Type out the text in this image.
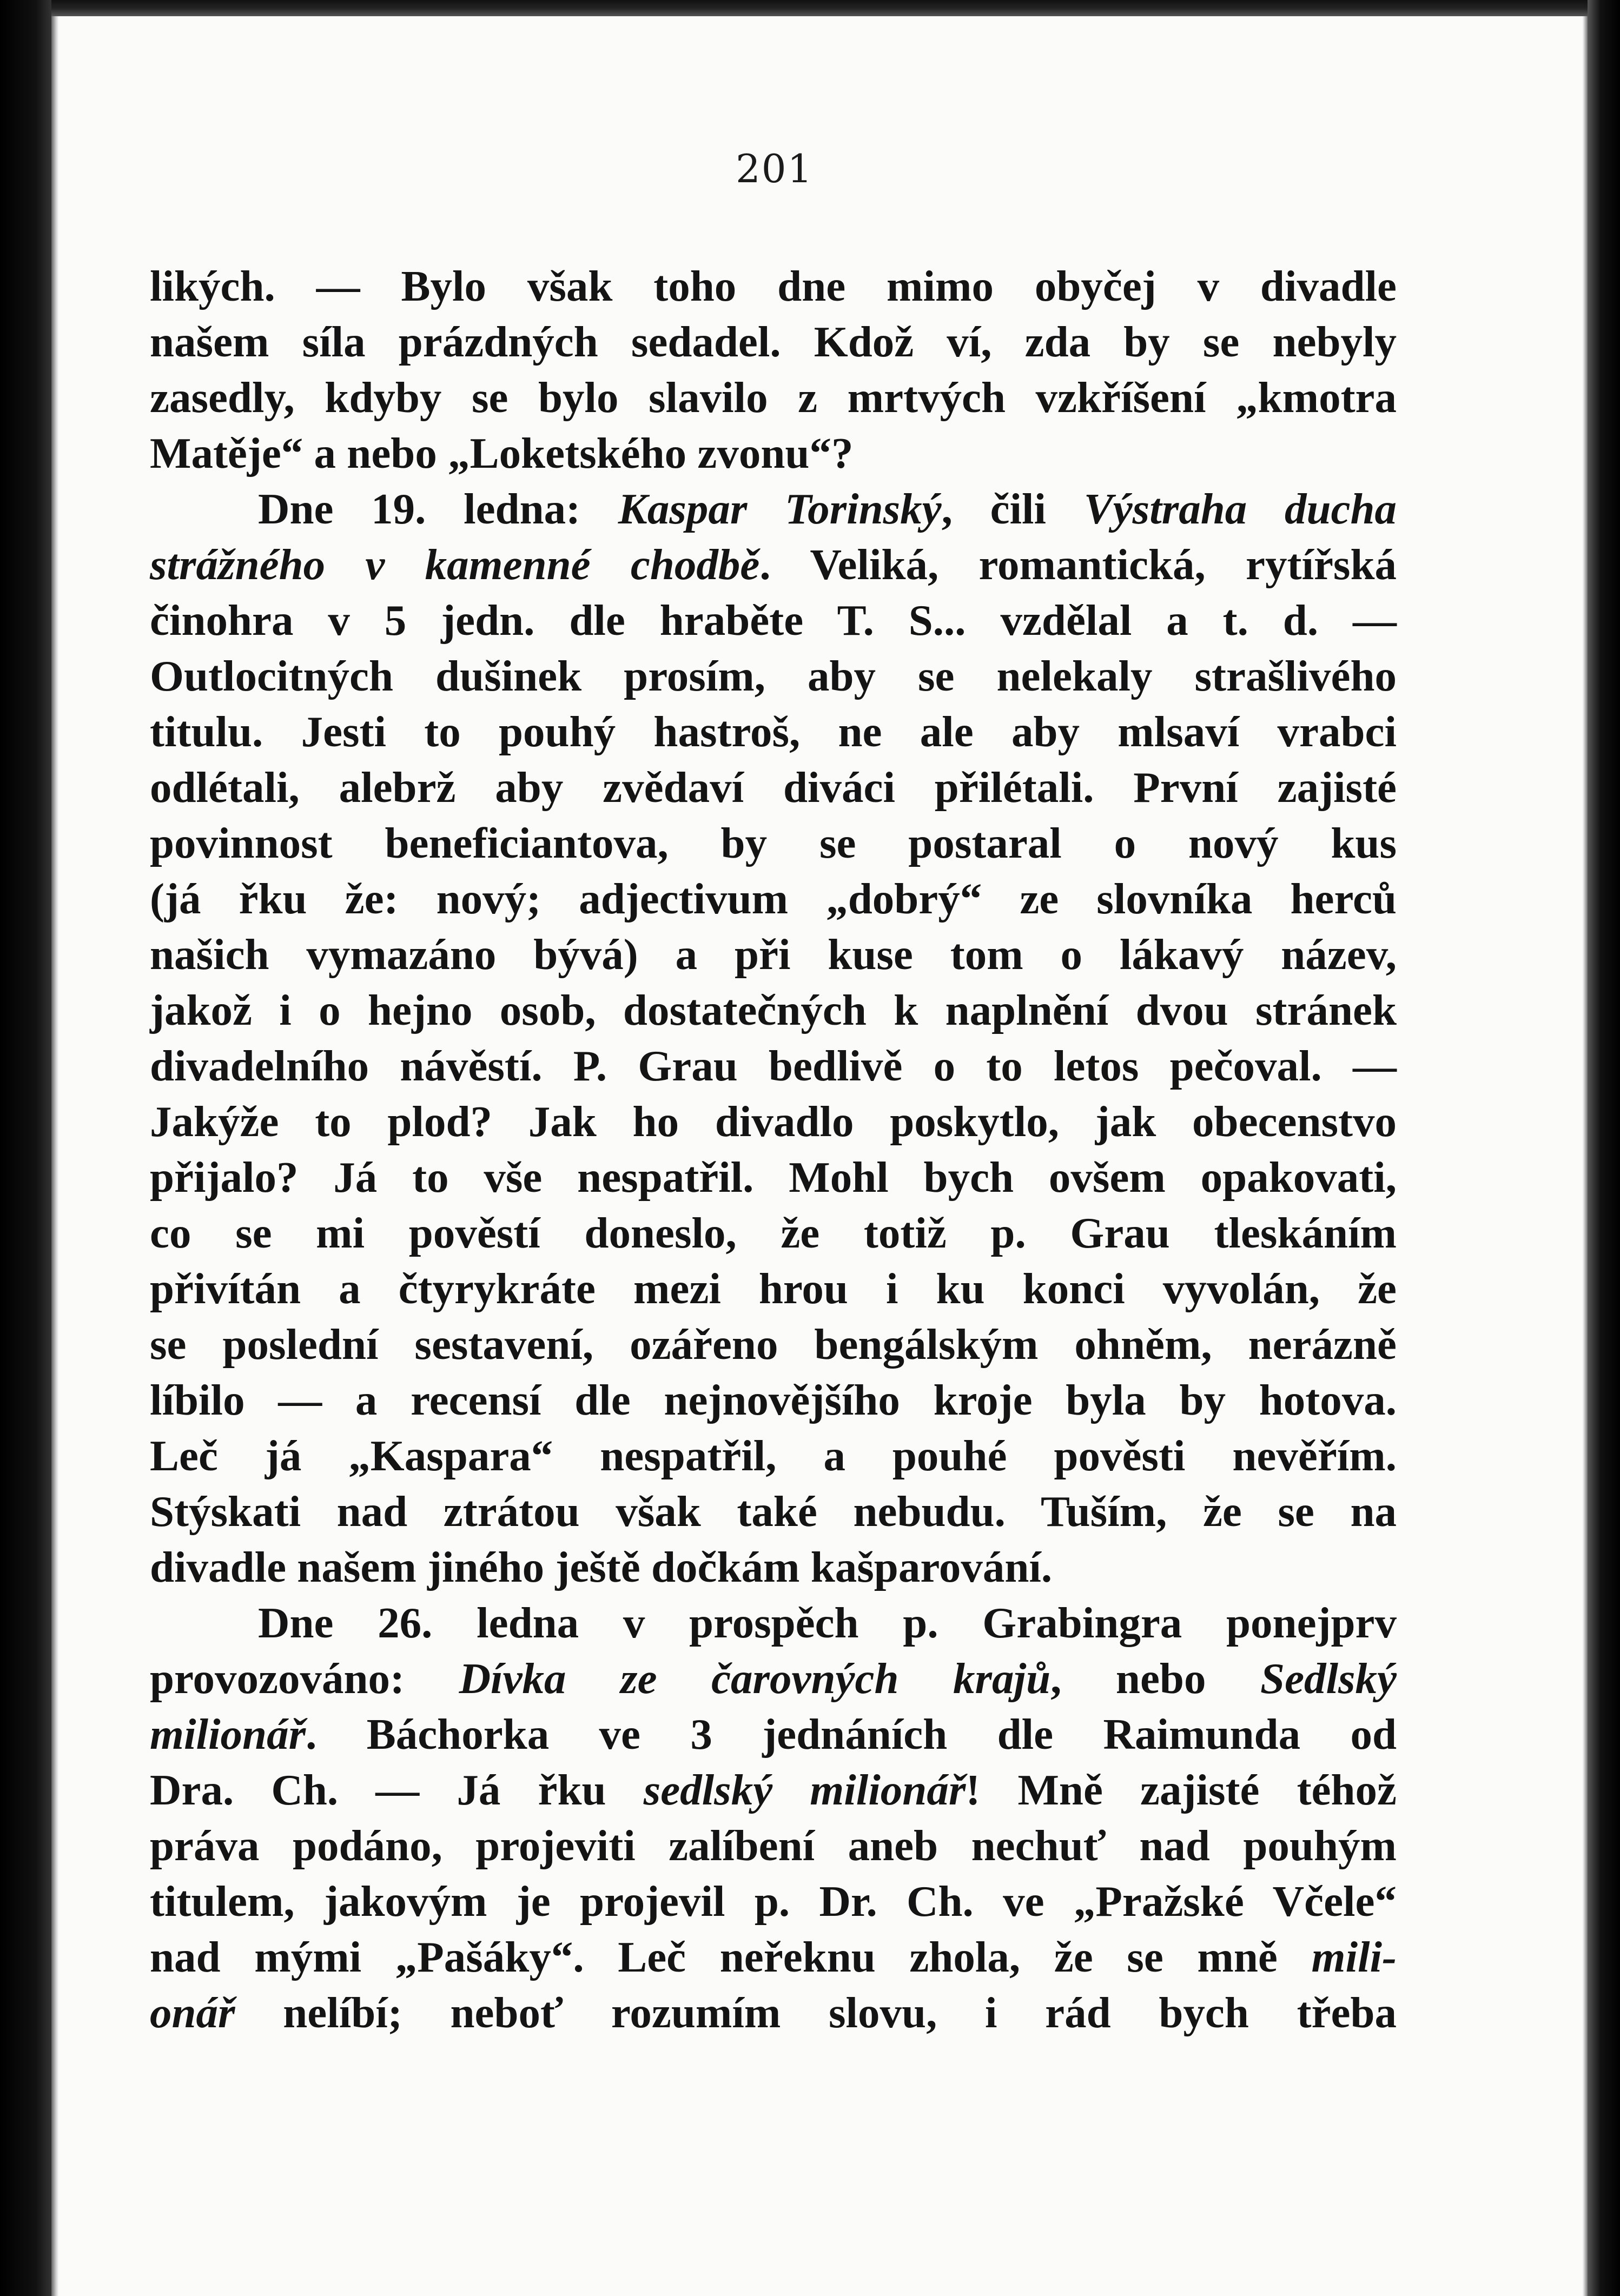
201
likých. — Bylo však toho dne mimo obyčej v divadle
našem síla prázdných sedadel. Kdož ví, zda by se nebyly
zasedly, kdyby se bylo slavilo z mrtvých vzkříšení „kmotra
Matěje“ a nebo „Loketského zvonu“?
Dne 19. ledna: Kaspar Torinský, čili Výstraha ducha
strážného v kamenné chodbě. Veliká, romantická, rytířská
činohra v 5 jedn. dle hraběte T. S... vzdělal a t. d. —
Outlocitných dušinek prosím, aby se nelekaly strašlivého
titulu. Jesti to pouhý hastroš, ne ale aby mlsaví vrabci
odlétali, alebrž aby zvědaví diváci přilétali. První zajisté
povinnost beneficiantova, by se postaral o nový kus
(já řku že: nový; adjectivum „dobrý“ ze slovníka herců
našich vymazáno bývá) a při kuse tom o lákavý název,
jakož i o hejno osob, dostatečných k naplnění dvou stránek
divadelního návěstí. P. Grau bedlivě o to letos pečoval. —
Jakýže to plod? Jak ho divadlo poskytlo, jak obecenstvo
přijalo? Já to vše nespatřil. Mohl bych ovšem opakovati,
co se mi pověstí doneslo, že totiž p. Grau tleskáním
přivítán a čtyrykráte mezi hrou i ku konci vyvolán, že
se poslední sestavení, ozářeno bengálským ohněm, nerázně
líbilo — a recensí dle nejnovějšího kroje byla by hotova.
Leč já „Kaspara“ nespatřil, a pouhé pověsti nevěřím.
Stýskati nad ztrátou však také nebudu. Tuším, že se na
divadle našem jiného ještě dočkám kašparování.
Dne 26. ledna v prospěch p. Grabingra ponejprv
provozováno: Dívka ze čarovných krajů, nebo Sedlský
milionář. Báchorka ve 3 jednáních dle Raimunda od
Dra. Ch. — Já řku sedlský milionář! Mně zajisté téhož
práva podáno, projeviti zalíbení aneb nechuť nad pouhým
titulem, jakovým je projevil p. Dr. Ch. ve „Pražské Včele“
nad mými „Pašáky“. Leč neřeknu zhola, že se mně mili-
onář nelíbí; neboť rozumím slovu, i rád bych třeba
